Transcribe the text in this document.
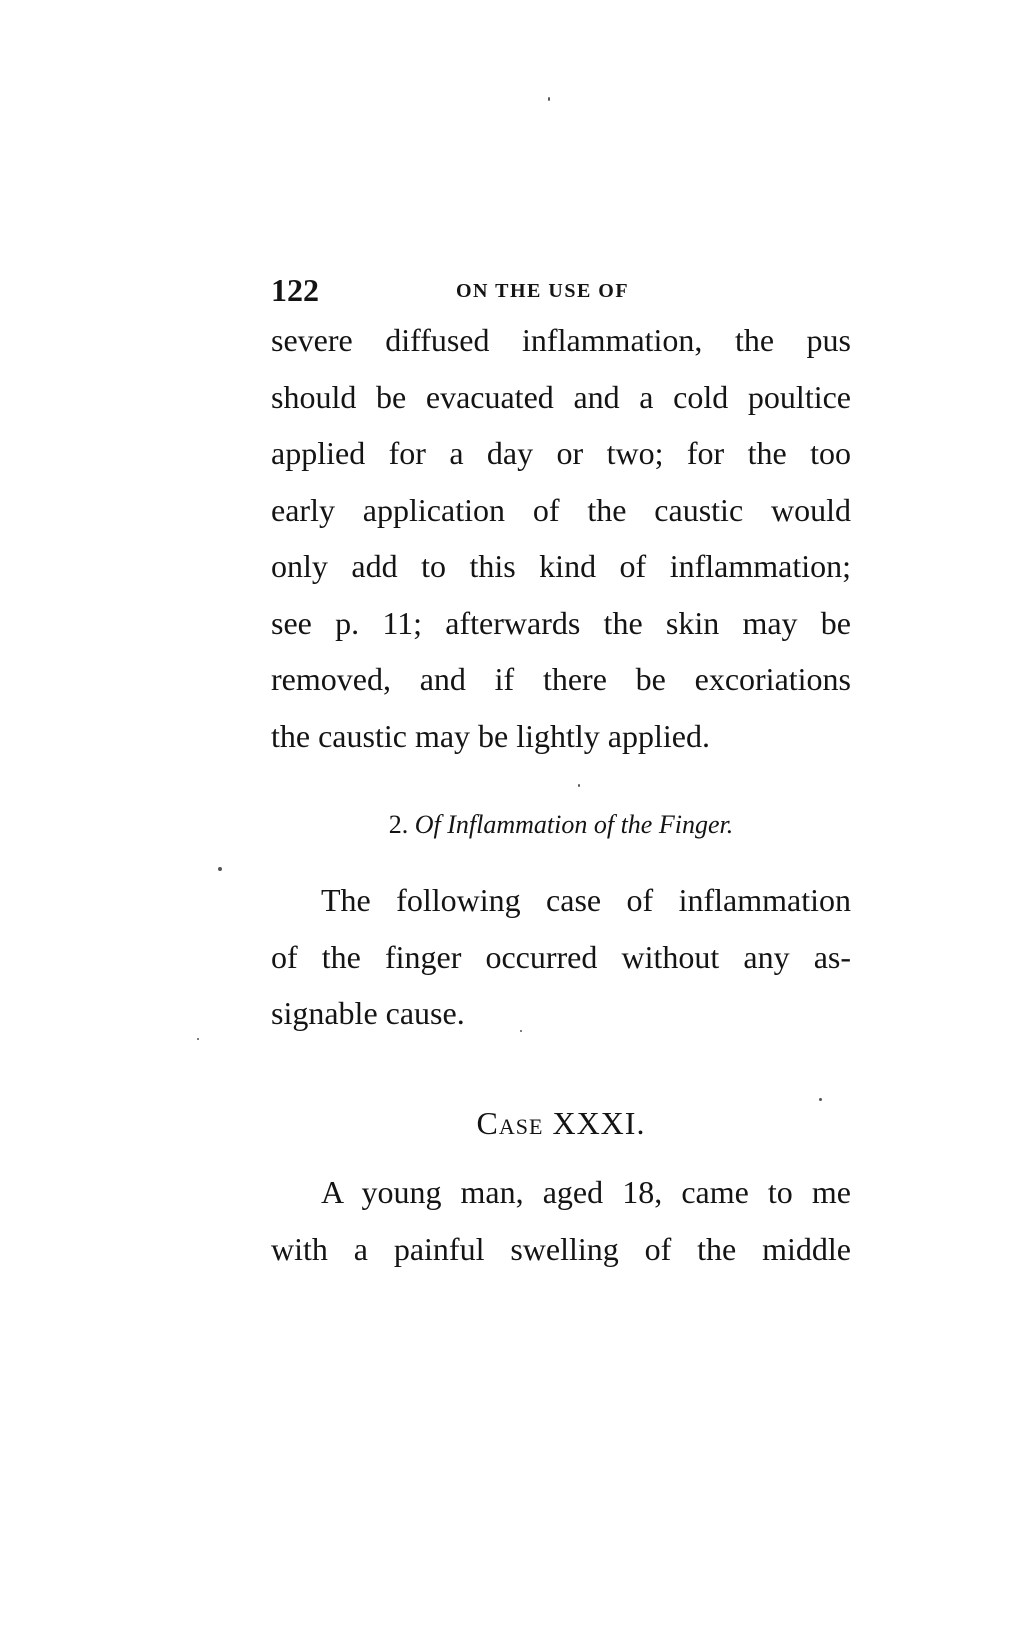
122	ON THE USE OF
severe diffused inflammation, the pus
should be evacuated and a cold poultice
applied for a day or two; for the too
early application of the caustic would
only add to this kind of inflammation;
see p. 11; afterwards the skin may be
removed, and if there be excoriations
the caustic may be lightly applied.
2. Of Inflammation of the Finger.
The following case of inflammation
of the finger occurred without any as-
signable cause.
Case XXXI.
A young man, aged 18, came to me
with a painful swelling of the middle
